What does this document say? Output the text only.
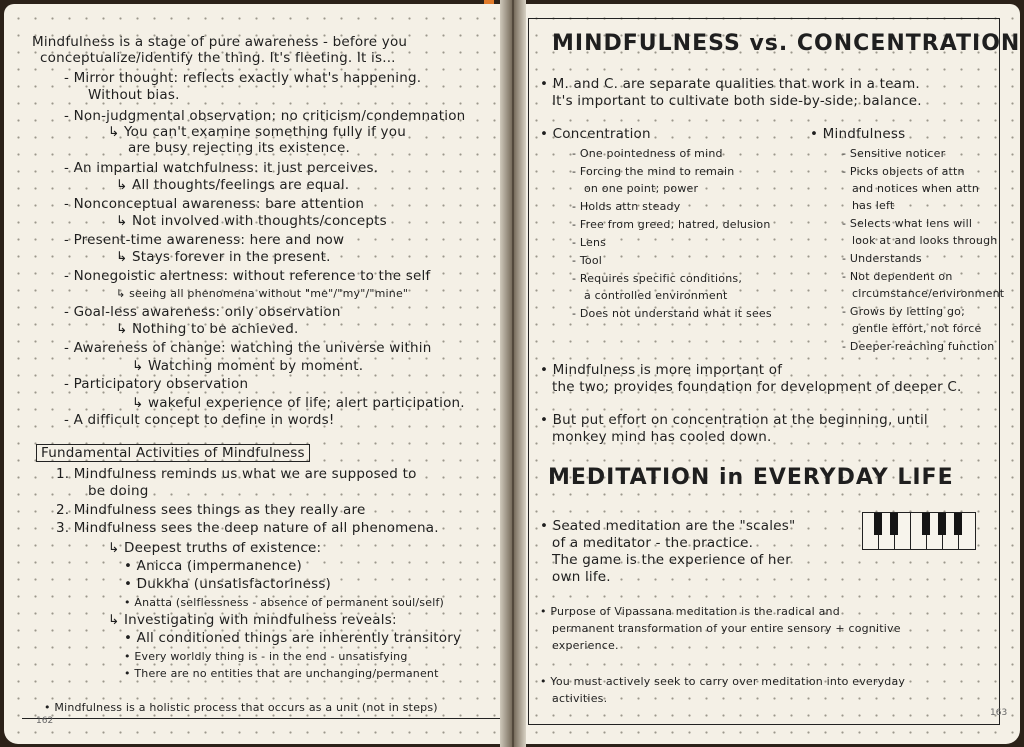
Mindfulness is a stage of pure awareness - before you
conceptualize/identify the thing. It's fleeting. It is...
- Mirror thought: reflects exactly what's happening.
Without bias.
- Non-judgmental observation: no criticism/condemnation
↳ You can't examine something fully if you
are busy rejecting its existence.
- An impartial watchfulness: it just perceives.
↳ All thoughts/feelings are equal.
- Nonconceptual awareness: bare attention
↳ Not involved with thoughts/concepts
- Present-time awareness: here and now
↳ Stays forever in the present.
- Nonegoistic alertness: without reference to the self
↳ seeing all phenomena without "me"/"my"/"mine"
- Goal-less awareness: only observation
↳ Nothing to be achieved.
- Awareness of change: watching the universe within
↳ Watching moment by moment.
- Participatory observation
↳ wakeful experience of life; alert participation.
- A difficult concept to define in words!
Fundamental Activities of Mindfulness
1. Mindfulness reminds us what we are supposed to
be doing
2. Mindfulness sees things as they really are
3. Mindfulness sees the deep nature of all phenomena.
↳ Deepest truths of existence:
• Anicca (impermanence)
• Dukkha (unsatisfactoriness)
• Anatta (selflessness - absence of permanent soul/self)
↳ Investigating with mindfulness reveals:
• All conditioned things are inherently transitory
• Every worldly thing is - in the end - unsatisfying
• There are no entities that are unchanging/permanent
• Mindfulness is a holistic process that occurs as a unit (not in steps)
162
MINDFULNESS vs. CONCENTRATION
• M. and C. are separate qualities that work in a team.
It's important to cultivate both side-by-side; balance.
• Concentration
- One pointedness of mind
- Forcing the mind to remain
on one point; power
- Holds attn steady
- Free from greed, hatred, delusion
- Lens
- Tool
- Requires specific conditions,
a controlled environment
- Does not understand what it sees
• Mindfulness
- Sensitive noticer
- Picks objects of attn
and notices when attn
has left
- Selects what lens will
look at and looks through
- Understands
- Not dependent on
circumstance/environment
- Grows by letting go;
gentle effort, not force
- Deeper-reaching function
• Mindfulness is more important of
the two; provides foundation for development of deeper C.
• But put effort on concentration at the beginning, until
monkey mind has cooled down.
MEDITATION in EVERYDAY LIFE
• Seated meditation are the "scales"
of a meditator - the practice.
The game is the experience of her
own life.
• Purpose of Vipassana meditation is the radical and
permanent transformation of your entire sensory + cognitive
experience.
• You must actively seek to carry over meditation into everyday
activities.
163
